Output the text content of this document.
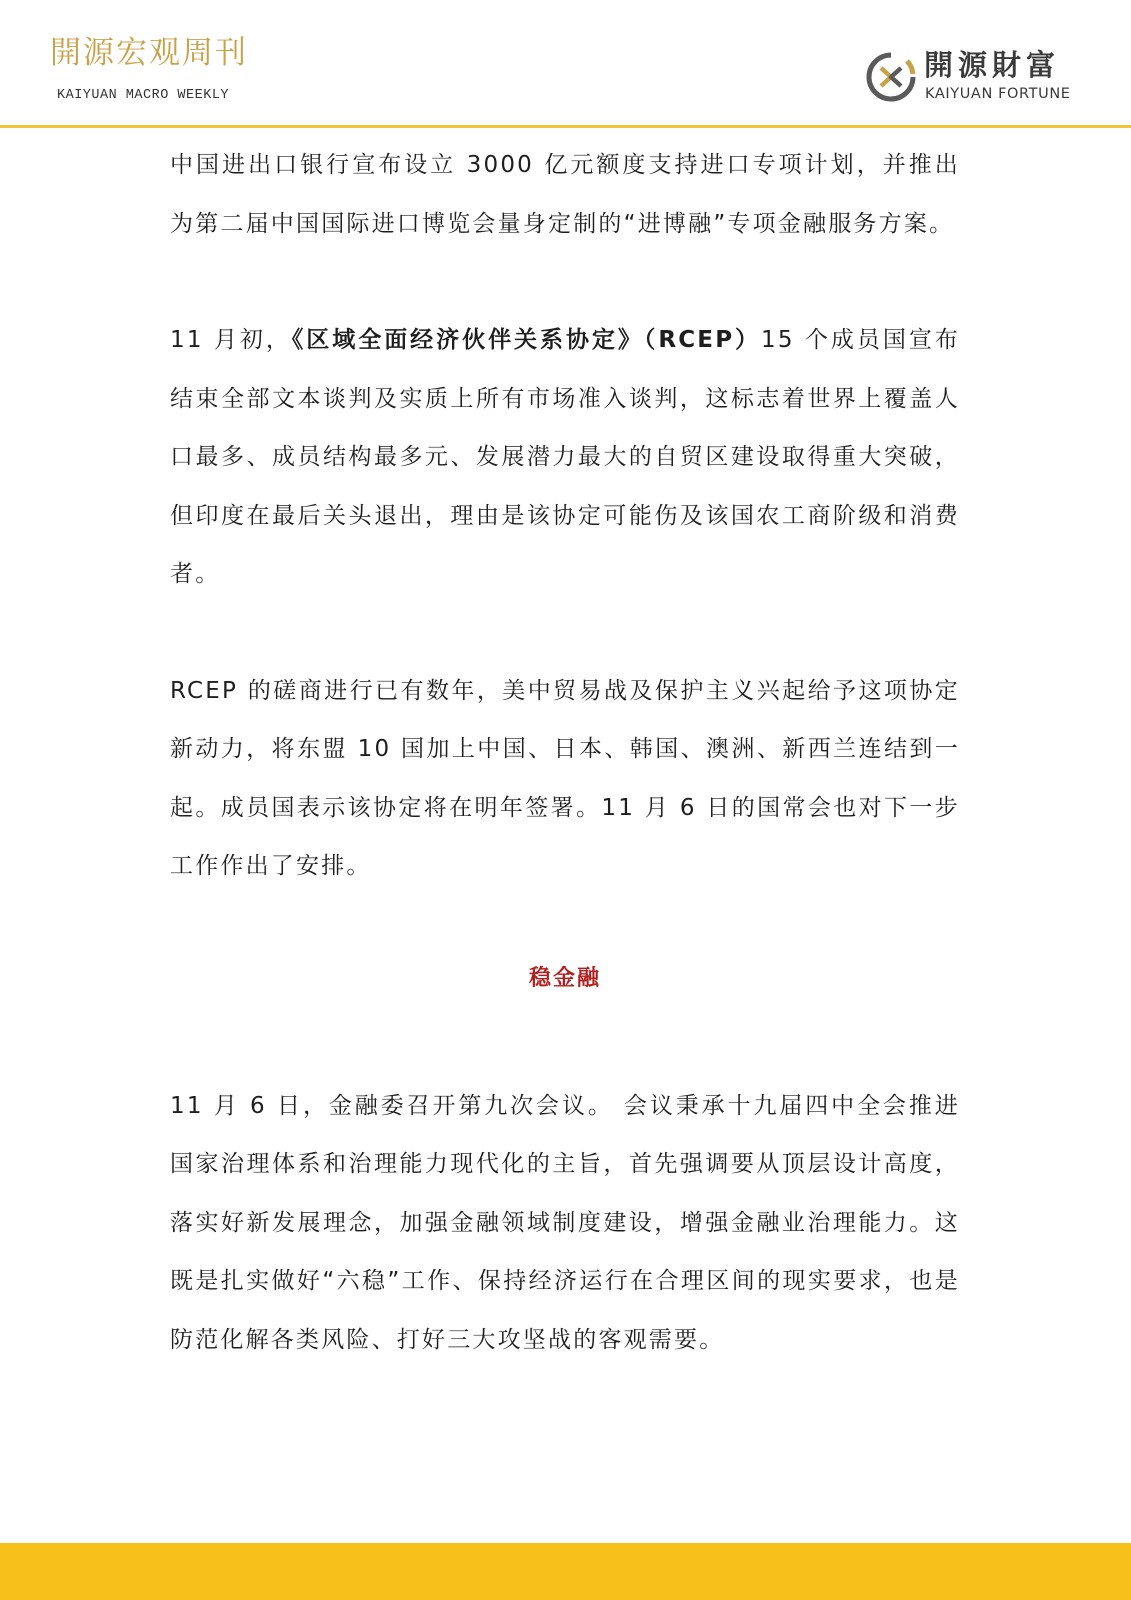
開源宏观周刊
KAIYUAN MACRO WEEKLY
開源財富
KAIYUAN FORTUNE

中国进出口银行宣布设立 3000 亿元额度支持进口专项计划，并推出为第二届中国国际进口博览会量身定制的“进博融”专项金融服务方案。

11 月初，《区域全面经济伙伴关系协定》（RCEP）15 个成员国宣布结束全部文本谈判及实质上所有市场准入谈判，这标志着世界上覆盖人口最多、成员结构最多元、发展潜力最大的自贸区建设取得重大突破，但印度在最后关头退出，理由是该协定可能伤及该国农工商阶级和消费者。

RCEP 的磋商进行已有数年，美中贸易战及保护主义兴起给予这项协定新动力，将东盟 10 国加上中国、日本、韩国、澳洲、新西兰连结到一起。成员国表示该协定将在明年签署。11 月 6 日的国常会也对下一步工作作出了安排。

稳金融

11 月 6 日，金融委召开第九次会议。 会议秉承十九届四中全会推进国家治理体系和治理能力现代化的主旨，首先强调要从顶层设计高度，落实好新发展理念，加强金融领域制度建设，增强金融业治理能力。这既是扎实做好“六稳”工作、保持经济运行在合理区间的现实要求，也是防范化解各类风险、打好三大攻坚战的客观需要。
